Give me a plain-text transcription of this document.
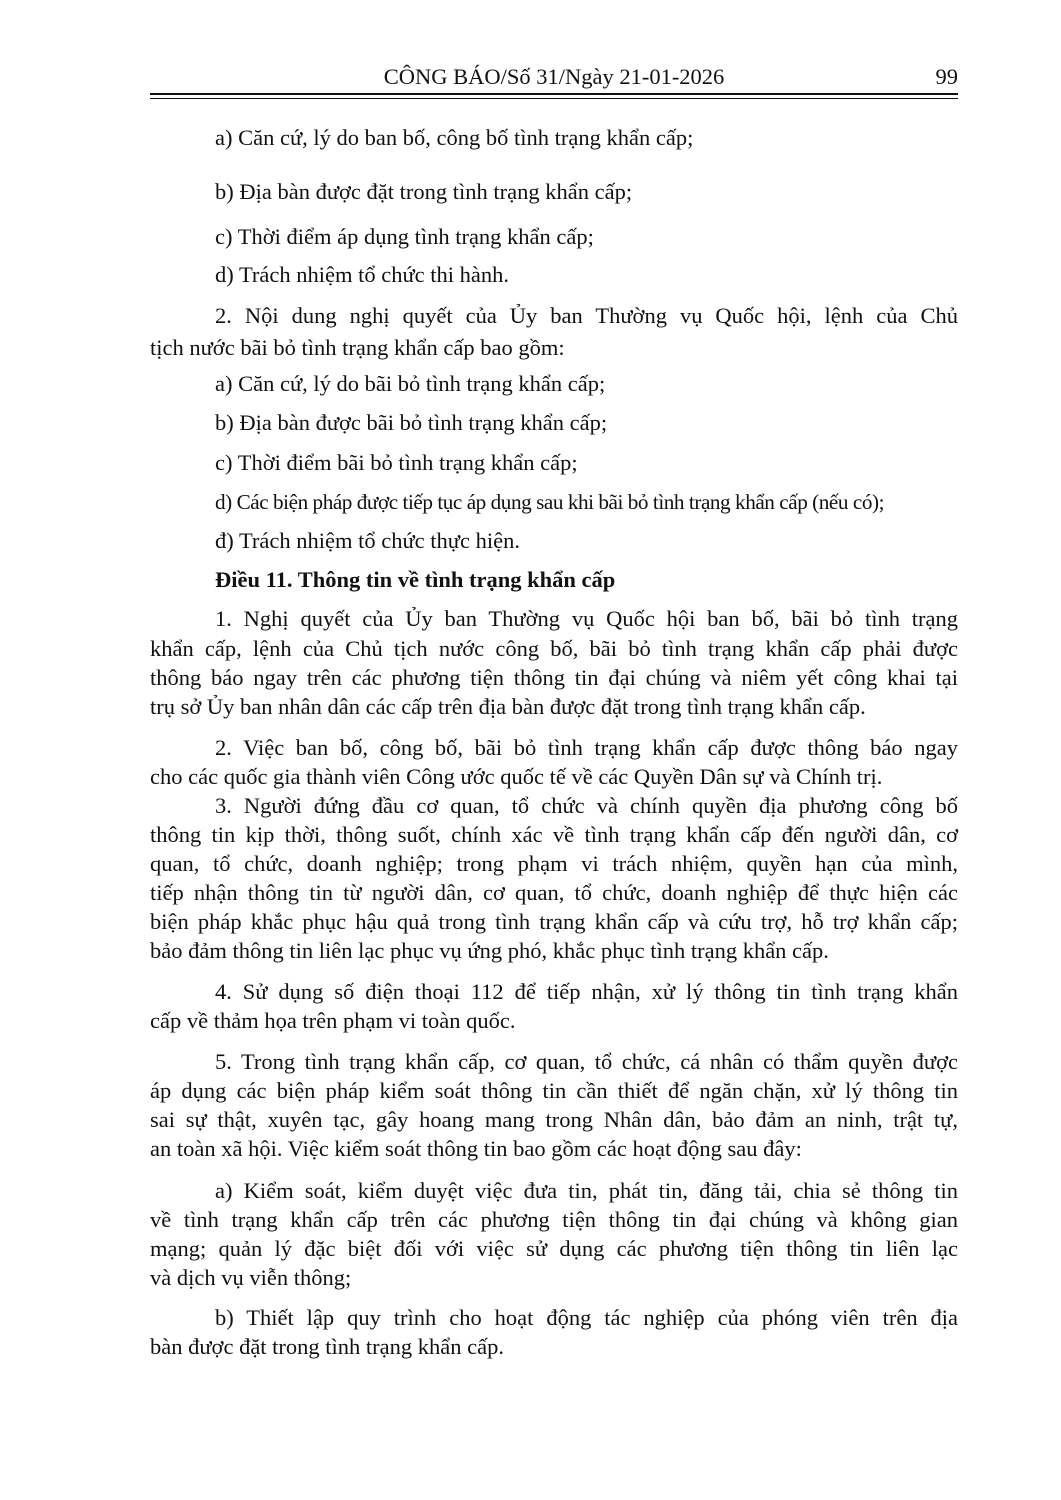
CÔNG BÁO/Số 31/Ngày 21-01-2026	99
a) Căn cứ, lý do ban bố, công bố tình trạng khẩn cấp;
b) Địa bàn được đặt trong tình trạng khẩn cấp;
c) Thời điểm áp dụng tình trạng khẩn cấp;
d) Trách nhiệm tổ chức thi hành.
2. Nội dung nghị quyết của Ủy ban Thường vụ Quốc hội, lệnh của Chủ
tịch nước bãi bỏ tình trạng khẩn cấp bao gồm:
a) Căn cứ, lý do bãi bỏ tình trạng khẩn cấp;
b) Địa bàn được bãi bỏ tình trạng khẩn cấp;
c) Thời điểm bãi bỏ tình trạng khẩn cấp;
d) Các biện pháp được tiếp tục áp dụng sau khi bãi bỏ tình trạng khẩn cấp (nếu có);
đ) Trách nhiệm tổ chức thực hiện.
Điều 11. Thông tin về tình trạng khẩn cấp
1. Nghị quyết của Ủy ban Thường vụ Quốc hội ban bố, bãi bỏ tình trạng
khẩn cấp, lệnh của Chủ tịch nước công bố, bãi bỏ tình trạng khẩn cấp phải được
thông báo ngay trên các phương tiện thông tin đại chúng và niêm yết công khai tại
trụ sở Ủy ban nhân dân các cấp trên địa bàn được đặt trong tình trạng khẩn cấp.
2. Việc ban bố, công bố, bãi bỏ tình trạng khẩn cấp được thông báo ngay
cho các quốc gia thành viên Công ước quốc tế về các Quyền Dân sự và Chính trị.
3. Người đứng đầu cơ quan, tổ chức và chính quyền địa phương công bố
thông tin kịp thời, thông suốt, chính xác về tình trạng khẩn cấp đến người dân, cơ
quan, tổ chức, doanh nghiệp; trong phạm vi trách nhiệm, quyền hạn của mình,
tiếp nhận thông tin từ người dân, cơ quan, tổ chức, doanh nghiệp để thực hiện các
biện pháp khắc phục hậu quả trong tình trạng khẩn cấp và cứu trợ, hỗ trợ khẩn cấp;
bảo đảm thông tin liên lạc phục vụ ứng phó, khắc phục tình trạng khẩn cấp.
4. Sử dụng số điện thoại 112 để tiếp nhận, xử lý thông tin tình trạng khẩn
cấp về thảm họa trên phạm vi toàn quốc.
5. Trong tình trạng khẩn cấp, cơ quan, tổ chức, cá nhân có thẩm quyền được
áp dụng các biện pháp kiểm soát thông tin cần thiết để ngăn chặn, xử lý thông tin
sai sự thật, xuyên tạc, gây hoang mang trong Nhân dân, bảo đảm an ninh, trật tự,
an toàn xã hội. Việc kiểm soát thông tin bao gồm các hoạt động sau đây:
a) Kiểm soát, kiểm duyệt việc đưa tin, phát tin, đăng tải, chia sẻ thông tin
về tình trạng khẩn cấp trên các phương tiện thông tin đại chúng và không gian
mạng; quản lý đặc biệt đối với việc sử dụng các phương tiện thông tin liên lạc
và dịch vụ viễn thông;
b) Thiết lập quy trình cho hoạt động tác nghiệp của phóng viên trên địa
bàn được đặt trong tình trạng khẩn cấp.
